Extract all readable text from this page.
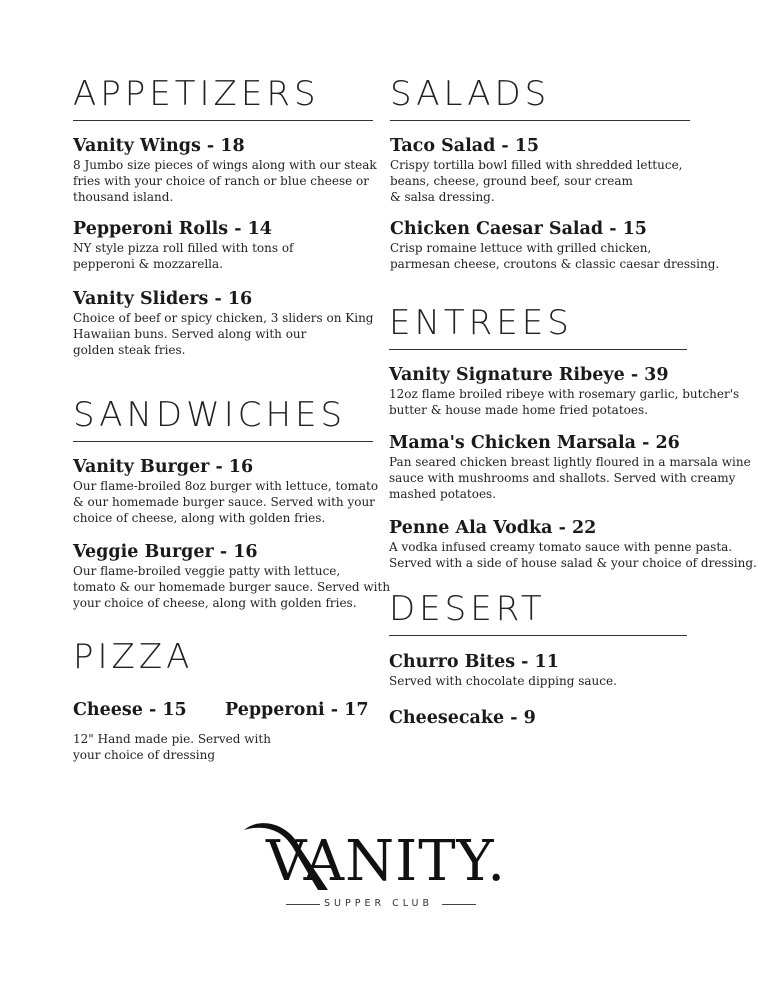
APPETIZERS
Vanity Wings - 18
8 Jumbo size pieces of wings along with our steak
fries with your choice of ranch or blue cheese or
thousand island.
Pepperoni Rolls - 14
NY style pizza roll filled with tons of
pepperoni & mozzarella.
Vanity Sliders - 16
Choice of beef or spicy chicken, 3 sliders on King
Hawaiian buns. Served along with our
golden steak fries.
SANDWICHES
Vanity Burger - 16
Our flame-broiled 8oz burger with lettuce, tomato
& our homemade burger sauce. Served with your
choice of cheese, along with golden fries.
Veggie Burger - 16
Our flame-broiled veggie patty with lettuce,
tomato & our homemade burger sauce. Served with
your choice of cheese, along with golden fries.
PIZZA
Cheese - 15 Pepperoni - 17
12" Hand made pie. Served with
your choice of dressing
SALADS
Taco Salad - 15
Crispy tortilla bowl filled with shredded lettuce,
beans, cheese, ground beef, sour cream
& salsa dressing.
Chicken Caesar Salad - 15
Crisp romaine lettuce with grilled chicken,
parmesan cheese, croutons & classic caesar dressing.
ENTREES
Vanity Signature Ribeye - 39
12oz flame broiled ribeye with rosemary garlic, butcher's
butter & house made home fried potatoes.
Mama's Chicken Marsala - 26
Pan seared chicken breast lightly floured in a marsala wine
sauce with mushrooms and shallots. Served with creamy
mashed potatoes.
Penne Ala Vodka - 22
A vodka infused creamy tomato sauce with penne pasta.
Served with a side of house salad & your choice of dressing.
DESERT
Churro Bites - 11
Served with chocolate dipping sauce.
Cheesecake - 9
VANITY.
SUPPER CLUB
